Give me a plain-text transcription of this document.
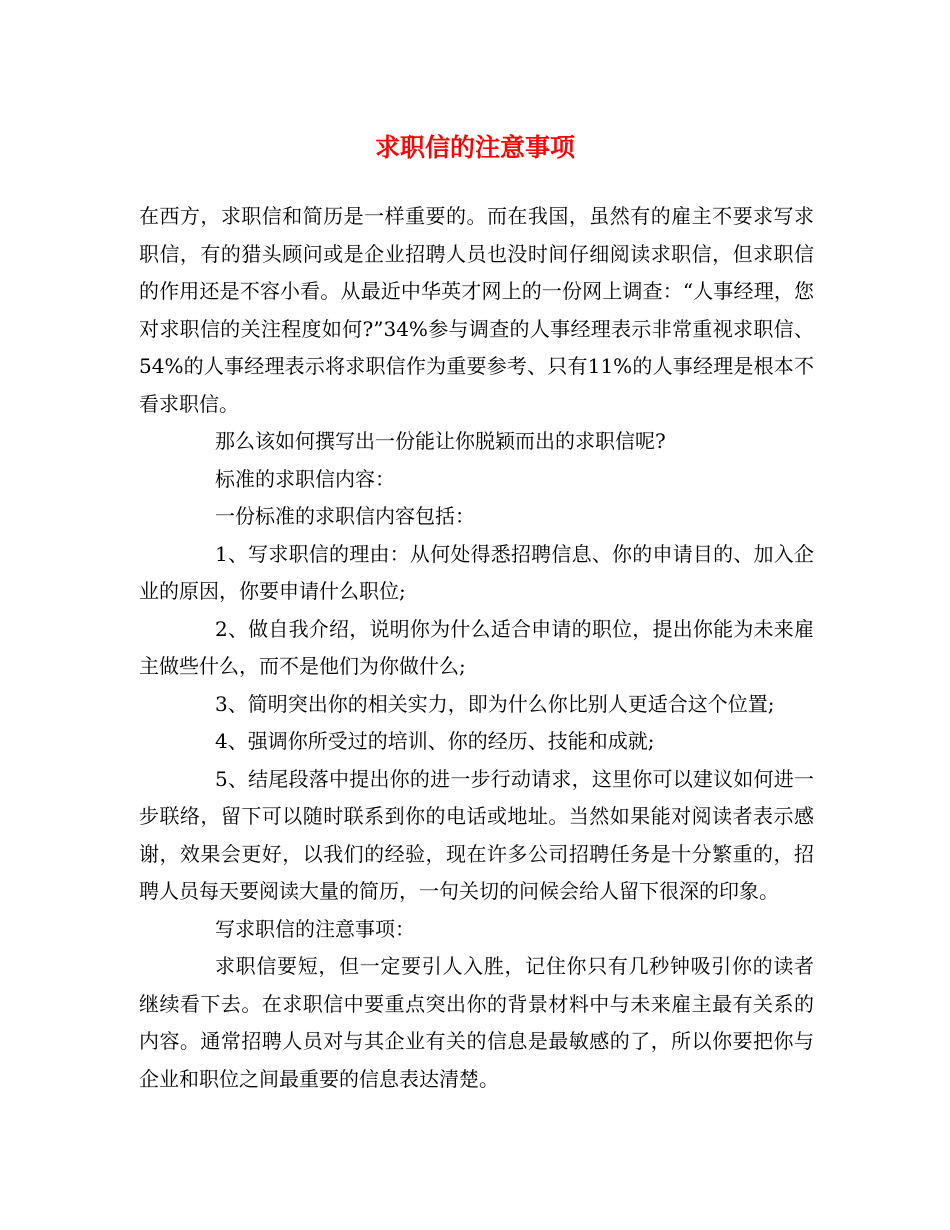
求职信的注意事项

在西方，求职信和简历是一样重要的。而在我国，虽然有的雇主不要求写求职信，有的猎头顾问或是企业招聘人员也没时间仔细阅读求职信，但求职信的作用还是不容小看。从最近中华英才网上的一份网上调查：“人事经理，您对求职信的关注程度如何?”34%参与调查的人事经理表示非常重视求职信、54%的人事经理表示将求职信作为重要参考、只有11%的人事经理是根本不看求职信。

那么该如何撰写出一份能让你脱颖而出的求职信呢?

标准的求职信内容：

一份标准的求职信内容包括：

1、写求职信的理由：从何处得悉招聘信息、你的申请目的、加入企业的原因，你要申请什么职位;

2、做自我介绍，说明你为什么适合申请的职位，提出你能为未来雇主做些什么，而不是他们为你做什么;

3、简明突出你的相关实力，即为什么你比别人更适合这个位置;

4、强调你所受过的培训、你的经历、技能和成就;

5、结尾段落中提出你的进一步行动请求，这里你可以建议如何进一步联络，留下可以随时联系到你的电话或地址。当然如果能对阅读者表示感谢，效果会更好，以我们的经验，现在许多公司招聘任务是十分繁重的，招聘人员每天要阅读大量的简历，一句关切的问候会给人留下很深的印象。

写求职信的注意事项：

求职信要短，但一定要引人入胜，记住你只有几秒钟吸引你的读者继续看下去。在求职信中要重点突出你的背景材料中与未来雇主最有关系的内容。通常招聘人员对与其企业有关的信息是最敏感的了，所以你要把你与企业和职位之间最重要的信息表达清楚。
